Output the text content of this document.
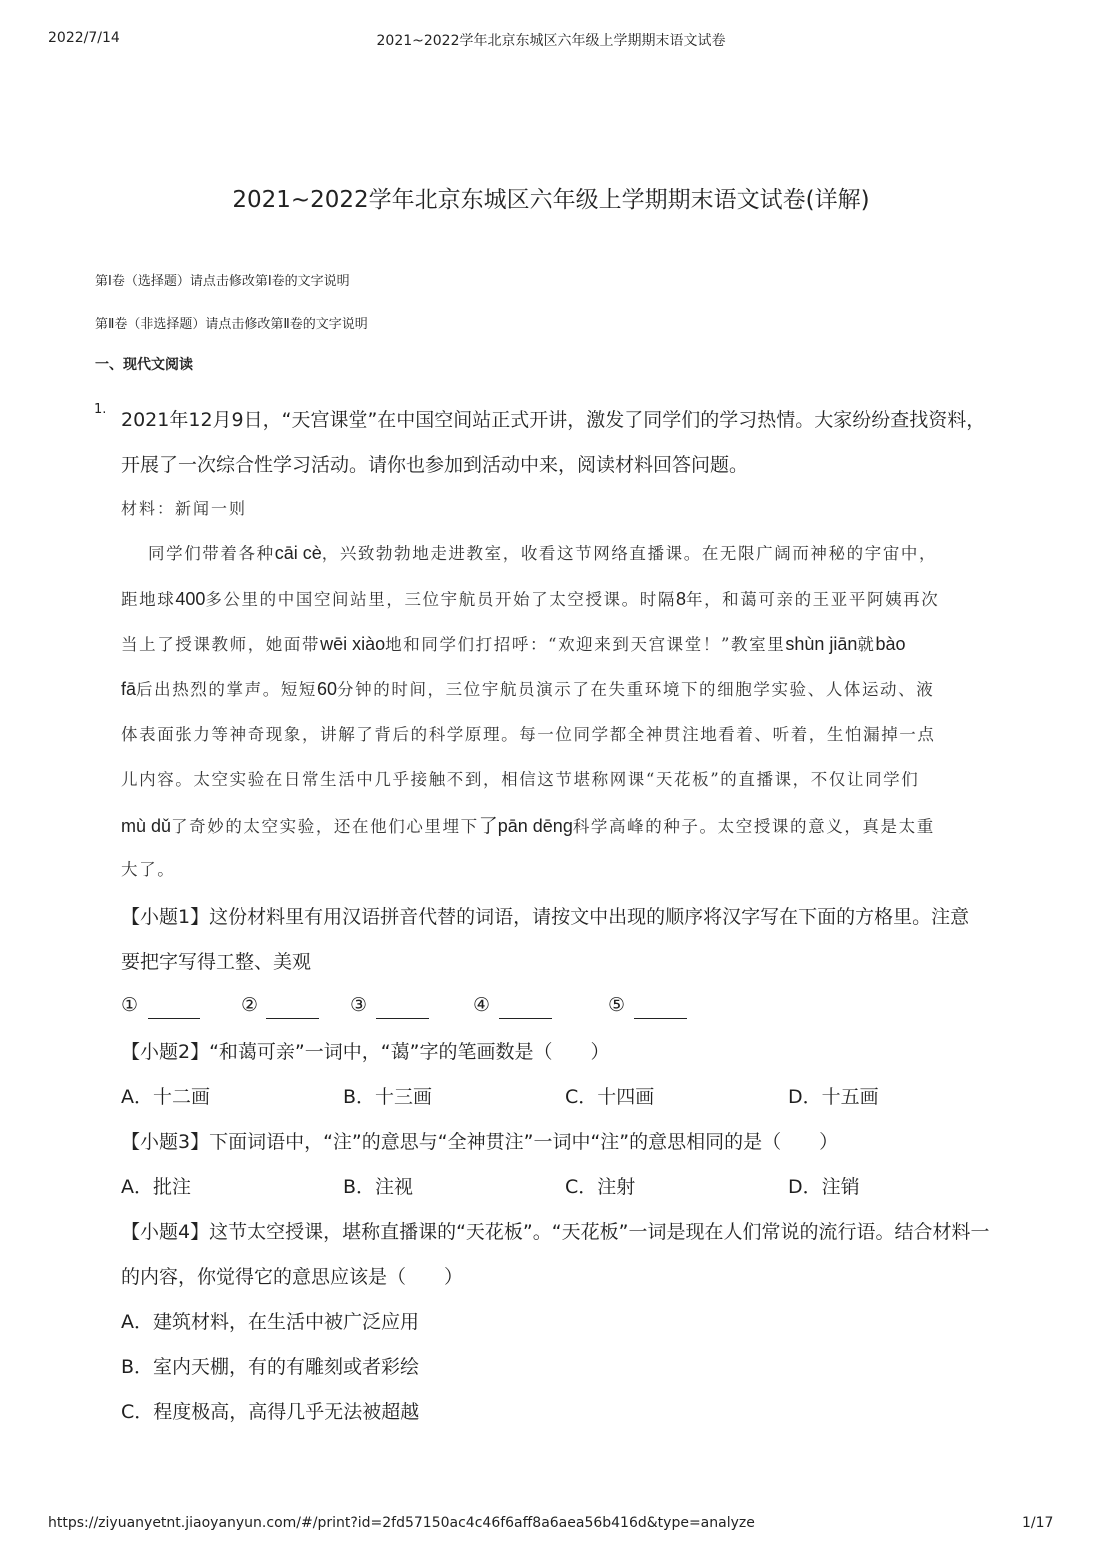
2022/7/14	2021~2022学年北京东城区六年级上学期期末语文试卷
2021~2022学年北京东城区六年级上学期期末语文试卷(详解)
第Ⅰ卷（选择题）请点击修改第Ⅰ卷的文字说明
第Ⅱ卷（非选择题）请点击修改第Ⅱ卷的文字说明
一、现代文阅读
1. 2021年12月9日，“天宫课堂”在中国空间站正式开讲，激发了同学们的学习热情。大家纷纷查找资料，
开展了一次综合性学习活动。请你也参加到活动中来，阅读材料回答问题。
材料：新闻一则
同学们带着各种cāi cè，兴致勃勃地走进教室，收看这节网络直播课。在无限广阔而神秘的宇宙中，
距地球400多公里的中国空间站里，三位宇航员开始了太空授课。时隔8年，和蔼可亲的王亚平阿姨再次
当上了授课教师，她面带wēi xiào地和同学们打招呼：“欢迎来到天宫课堂！”教室里shùn jiān就bào
fā后出热烈的掌声。短短60分钟的时间，三位宇航员演示了在失重环境下的细胞学实验、人体运动、液
体表面张力等神奇现象，讲解了背后的科学原理。每一位同学都全神贯注地看着、听着，生怕漏掉一点
儿内容。太空实验在日常生活中几乎接触不到，相信这节堪称网课“天花板”的直播课，不仅让同学们
mù dǔ了奇妙的太空实验，还在他们心里埋下了pān dēng科学高峰的种子。太空授课的意义，真是太重
大了。
【小题1】这份材料里有用汉语拼音代替的词语，请按文中出现的顺序将汉字写在下面的方格里。注意
要把字写得工整、美观
①	②	③	④	⑤
【小题2】“和蔼可亲”一词中，“蔼”字的笔画数是（　　）
A．十二画	B．十三画	C．十四画	D．十五画
【小题3】下面词语中，“注”的意思与“全神贯注”一词中“注”的意思相同的是（　　）
A．批注	B．注视	C．注射	D．注销
【小题4】这节太空授课，堪称直播课的“天花板”。“天花板”一词是现在人们常说的流行语。结合材料一
的内容，你觉得它的意思应该是（　　）
A．建筑材料，在生活中被广泛应用
B．室内天棚，有的有雕刻或者彩绘
C．程度极高，高得几乎无法被超越
https://ziyuanyetnt.jiaoyanyun.com/#/print?id=2fd57150ac4c46f6aff8a6aea56b416d&type=analyze	1/17
